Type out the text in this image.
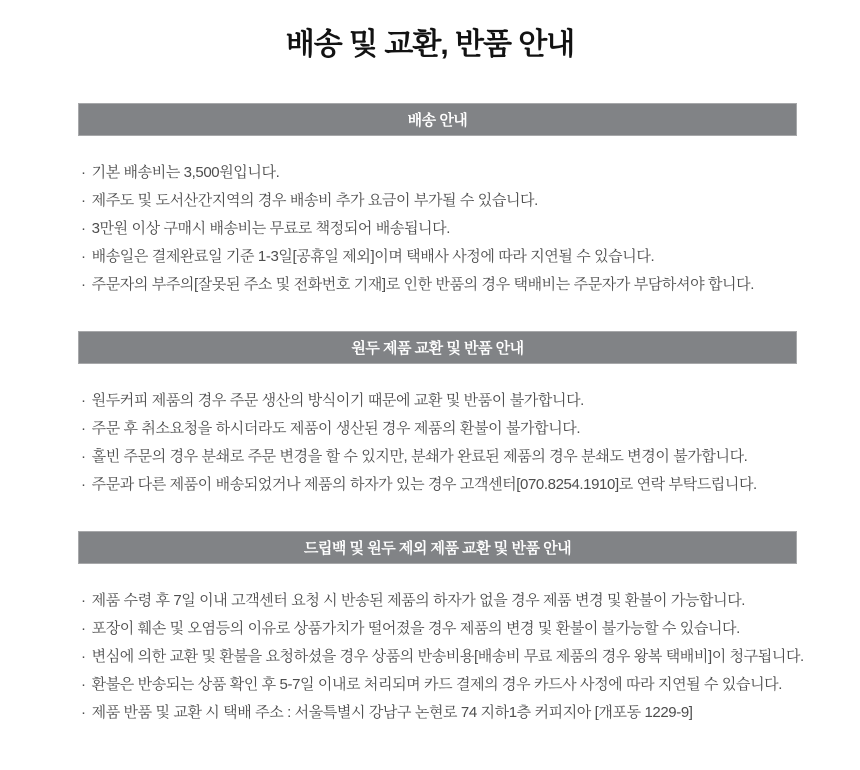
배송 및 교환, 반품 안내
배송 안내
· 기본 배송비는 3,500원입니다.
· 제주도 및 도서산간지역의 경우 배송비 추가 요금이 부가될 수 있습니다.
· 3만원 이상 구매시 배송비는 무료로 책정되어 배송됩니다.
· 배송일은 결제완료일 기준 1-3일[공휴일 제외]이며 택배사 사정에 따라 지연될 수 있습니다.
· 주문자의 부주의[잘못된 주소 및 전화번호 기재]로 인한 반품의 경우 택배비는 주문자가 부담하셔야 합니다.
원두 제품 교환 및 반품 안내
· 원두커피 제품의 경우 주문 생산의 방식이기 때문에 교환 및 반품이 불가합니다.
· 주문 후 취소요청을 하시더라도 제품이 생산된 경우 제품의 환불이 불가합니다.
· 홀빈 주문의 경우 분쇄로 주문 변경을 할 수 있지만, 분쇄가 완료된 제품의 경우 분쇄도 변경이 불가합니다.
· 주문과 다른 제품이 배송되었거나 제품의 하자가 있는 경우 고객센터[070.8254.1910]로 연락 부탁드립니다.
드립백 및 원두 제외 제품 교환 및 반품 안내
· 제품 수령 후 7일 이내 고객센터 요청 시 반송된 제품의 하자가 없을 경우 제품 변경 및 환불이 가능합니다.
· 포장이 훼손 및 오염등의 이유로 상품가치가 떨어졌을 경우 제품의 변경 및 환불이 불가능할 수 있습니다.
· 변심에 의한 교환 및 환불을 요청하셨을 경우 상품의 반송비용[배송비 무료 제품의 경우 왕복 택배비]이 청구됩니다.
· 환불은 반송되는 상품 확인 후 5-7일 이내로 처리되며 카드 결제의 경우 카드사 사정에 따라 지연될 수 있습니다.
· 제품 반품 및 교환 시 택배 주소 : 서울특별시 강남구 논현로 74 지하1층 커피지아 [개포동 1229-9]
